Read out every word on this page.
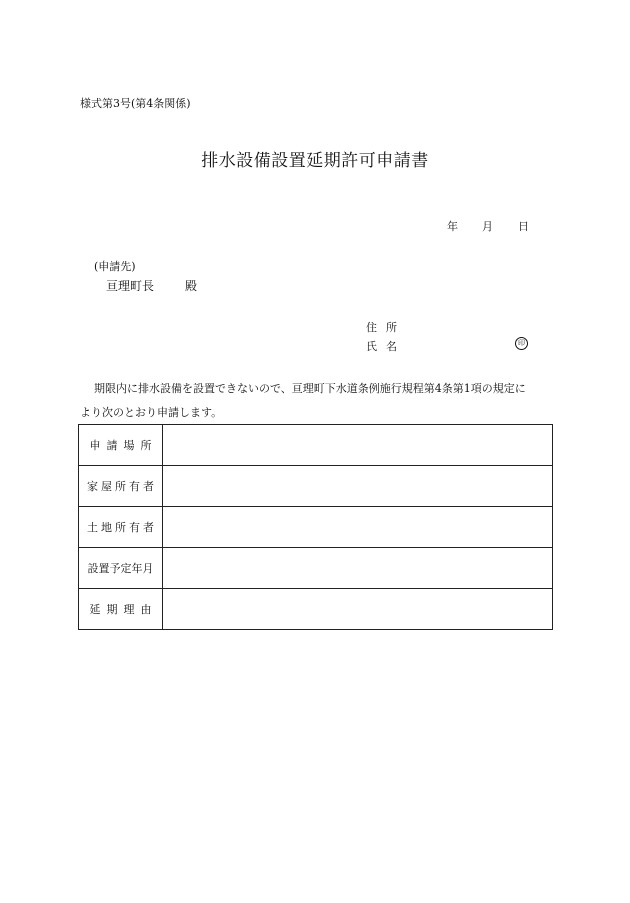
様式第3号(第4条関係)
排水設備設置延期許可申請書
年 月 日
(申請先)
亘理町長	殿
住所
氏名	印
期限内に排水設備を設置できないので、亘理町下水道条例施行規程第4条第1項の規定に
より次のとおり申請します。
申請場所	
家屋所有者	
土地所有者	
設置予定年月	
延期理由	
